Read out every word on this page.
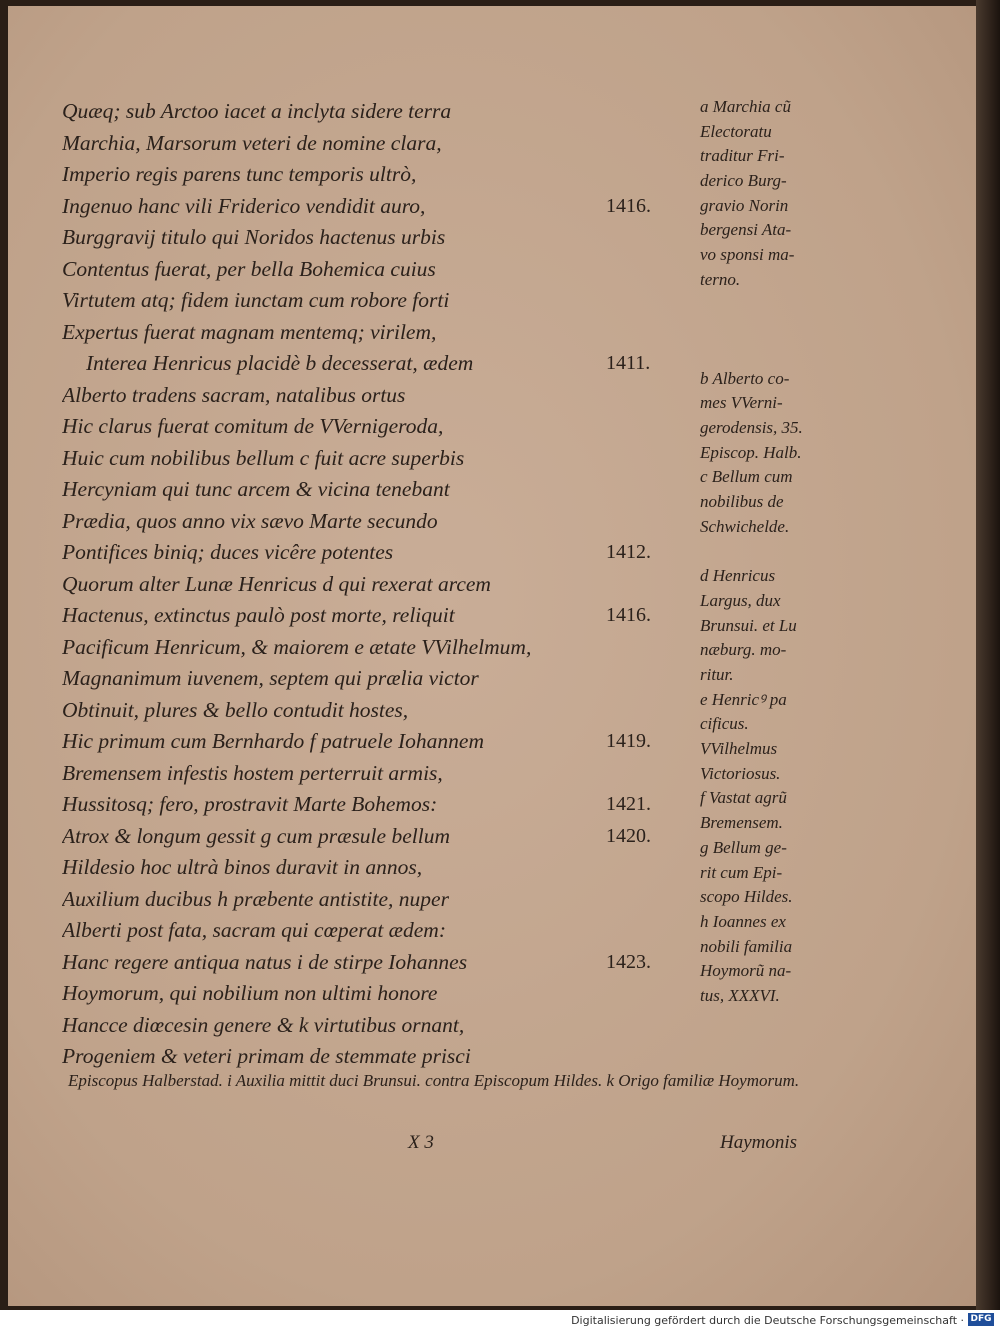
Quæq; sub Arctoo iacet a inclyta sidere terra
Marchia, Marsorum veteri de nomine clara,
Imperio regis parens tunc temporis ultrò,
Ingenuo hanc vili Friderico vendidit auro,
Burggravij titulo qui Noridos hactenus urbis
Contentus fuerat, per bella Bohemica cuius
Virtutem atq; fidem iunctam cum robore forti
Expertus fuerat magnam mentemq; virilem,
Interea Henricus placidè b decesserat, ædem
Alberto tradens sacram, natalibus ortus
Hic clarus fuerat comitum de VVernigeroda,
Huic cum nobilibus bellum c fuit acre superbis
Hercyniam qui tunc arcem & vicina tenebant
Prædia, quos anno vix sævo Marte secundo
Pontifices biniq; duces vicêre potentes
Quorum alter Lunæ Henricus d qui rexerat arcem
Hactenus, extinctus paulò post morte, reliquit
Pacificum Henricum, & maiorem e ætate VVilhelmum,
Magnanimum iuvenem, septem qui prælia victor
Obtinuit, plures & bello contudit hostes,
Hic primum cum Bernhardo f patruele Iohannem
Bremensem infestis hostem perterruit armis,
Hussitosq; fero, prostravit Marte Bohemos:
Atrox & longum gessit g cum præsule bellum
Hildesio hoc ultrà binos duravit in annos,
Auxilium ducibus h præbente antistite, nuper
Alberti post fata, sacram qui cœperat ædem:
Hanc regere antiqua natus i de stirpe Iohannes
Hoymorum, qui nobilium non ultimi honore
Hancce diœcesin genere & k virtutibus ornant,
Progeniem & veteri primam de stemmate prisci
1416.
1411.
1412.
1416.
1419.
1421.
1420.
1423.
a Marchia cũ
Electoratu
traditur Fri-
derico Burg-
gravio Norin
bergensi Ata-
vo sponsi ma-
terno.
b Alberto co-
mes VVerni-
gerodensis, 35.
Episcop. Halb.
c Bellum cum
nobilibus de
Schwichelde.
d Henricus
Largus, dux
Brunsui. et Lu
næburg. mo-
ritur.
e Henricꝰ pa
cificus.
VVilhelmus
Victoriosus.
f Vastat agrũ
Bremensem.
g Bellum ge-
rit cum Epi-
scopo Hildes.
h Ioannes ex
nobili familia
Hoymorũ na-
tus, XXXVI.
Episcopus Halberstad. i Auxilia mittit duci Brunsui. contra Episcopum Hildes. k Origo familiæ Hoymorum.
X 3	Haymonis
Digitalisierung gefördert durch die Deutsche Forschungsgemeinschaft · DFG
